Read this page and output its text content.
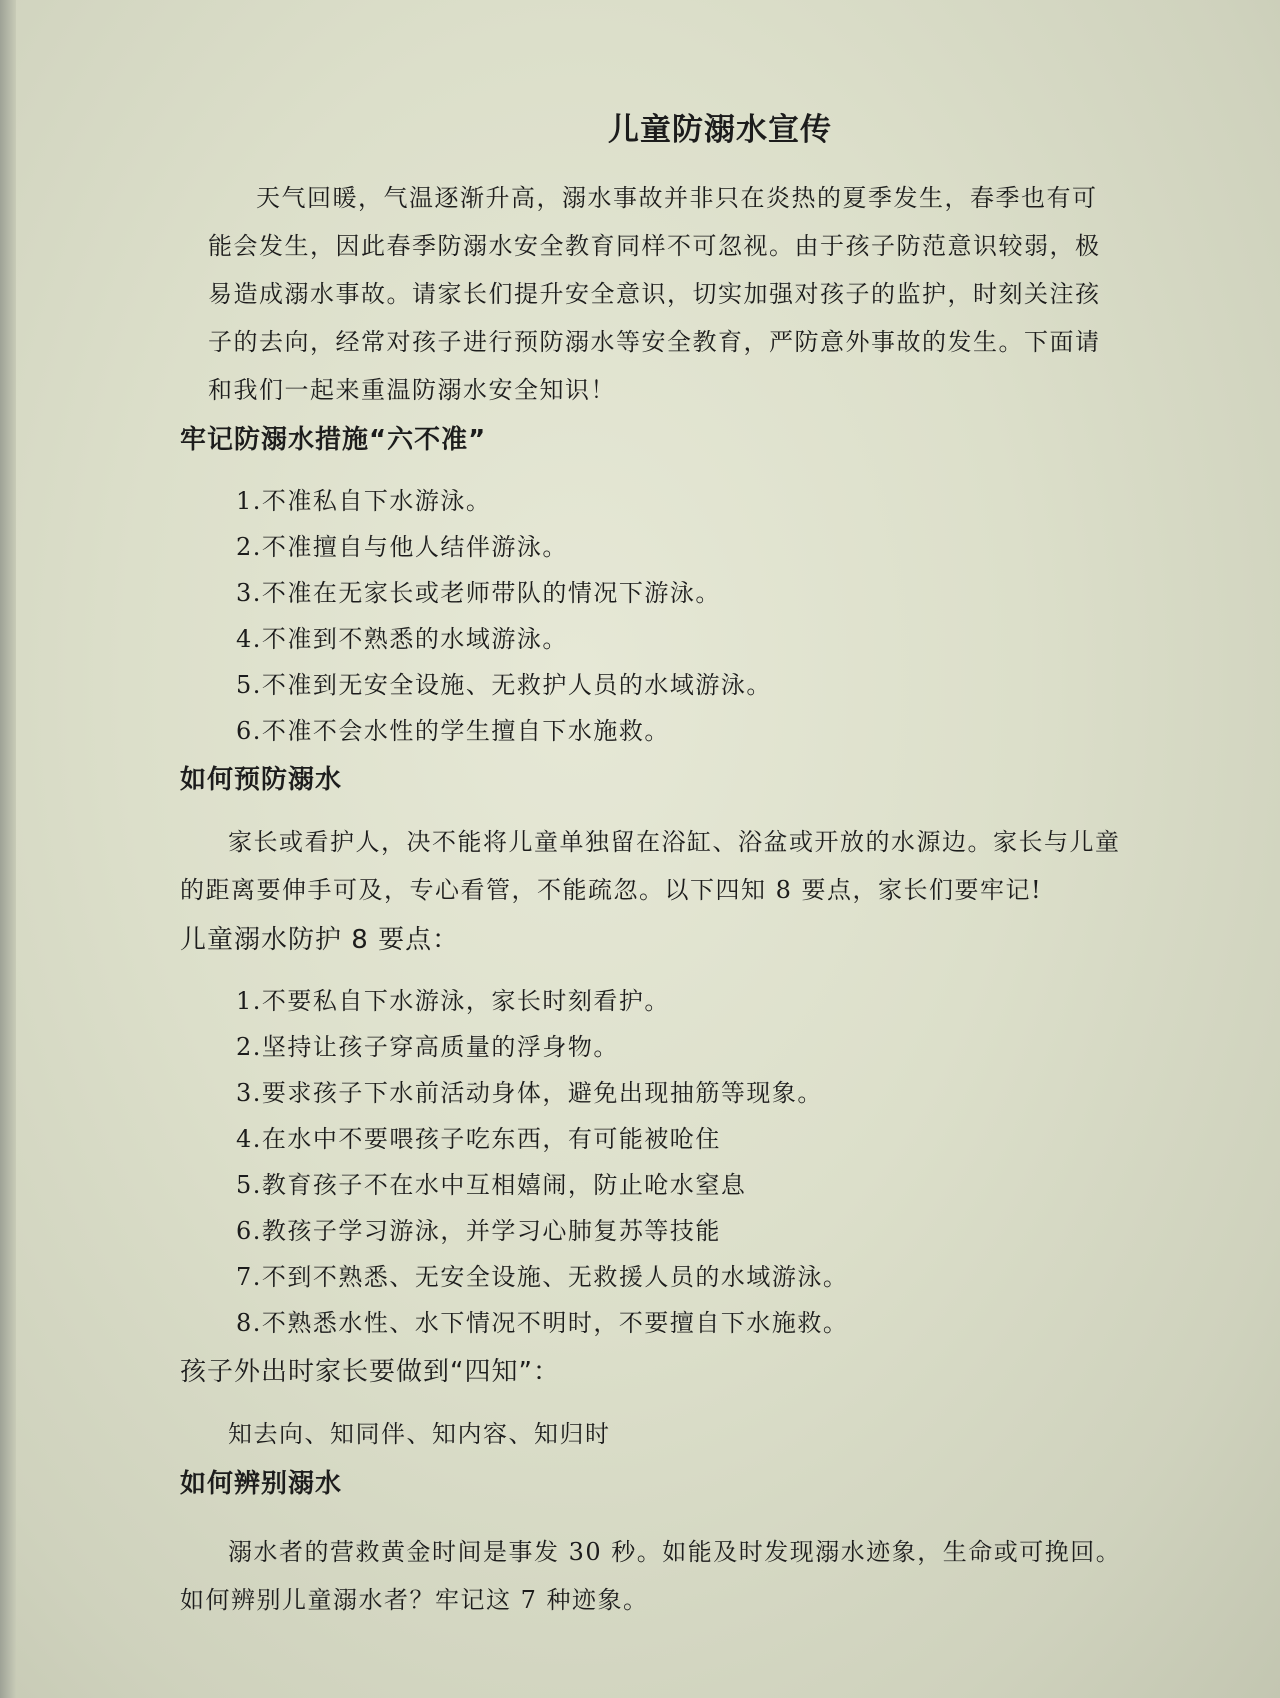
儿童防溺水宣传

天气回暖，气温逐渐升高，溺水事故并非只在炎热的夏季发生，春季也有可能会发生，因此春季防溺水安全教育同样不可忽视。由于孩子防范意识较弱，极易造成溺水事故。请家长们提升安全意识，切实加强对孩子的监护，时刻关注孩子的去向，经常对孩子进行预防溺水等安全教育，严防意外事故的发生。下面请和我们一起来重温防溺水安全知识！

牢记防溺水措施“六不准”
1.不准私自下水游泳。
2.不准擅自与他人结伴游泳。
3.不准在无家长或老师带队的情况下游泳。
4.不准到不熟悉的水域游泳。
5.不准到无安全设施、无救护人员的水域游泳。
6.不准不会水性的学生擅自下水施救。
如何预防溺水

家长或看护人，决不能将儿童单独留在浴缸、浴盆或开放的水源边。家长与儿童的距离要伸手可及，专心看管，不能疏忽。以下四知 8 要点，家长们要牢记!

儿童溺水防护 8 要点：
1.不要私自下水游泳，家长时刻看护。
2.坚持让孩子穿高质量的浮身物。
3.要求孩子下水前活动身体，避免出现抽筋等现象。
4.在水中不要喂孩子吃东西，有可能被呛住
5.教育孩子不在水中互相嬉闹，防止呛水窒息
6.教孩子学习游泳，并学习心肺复苏等技能
7.不到不熟悉、无安全设施、无救援人员的水域游泳。
8.不熟悉水性、水下情况不明时，不要擅自下水施救。
孩子外出时家长要做到“四知”：

知去向、知同伴、知内容、知归时

如何辨别溺水

溺水者的营救黄金时间是事发 30 秒。如能及时发现溺水迹象，生命或可挽回。如何辨别儿童溺水者？牢记这 7 种迹象。
